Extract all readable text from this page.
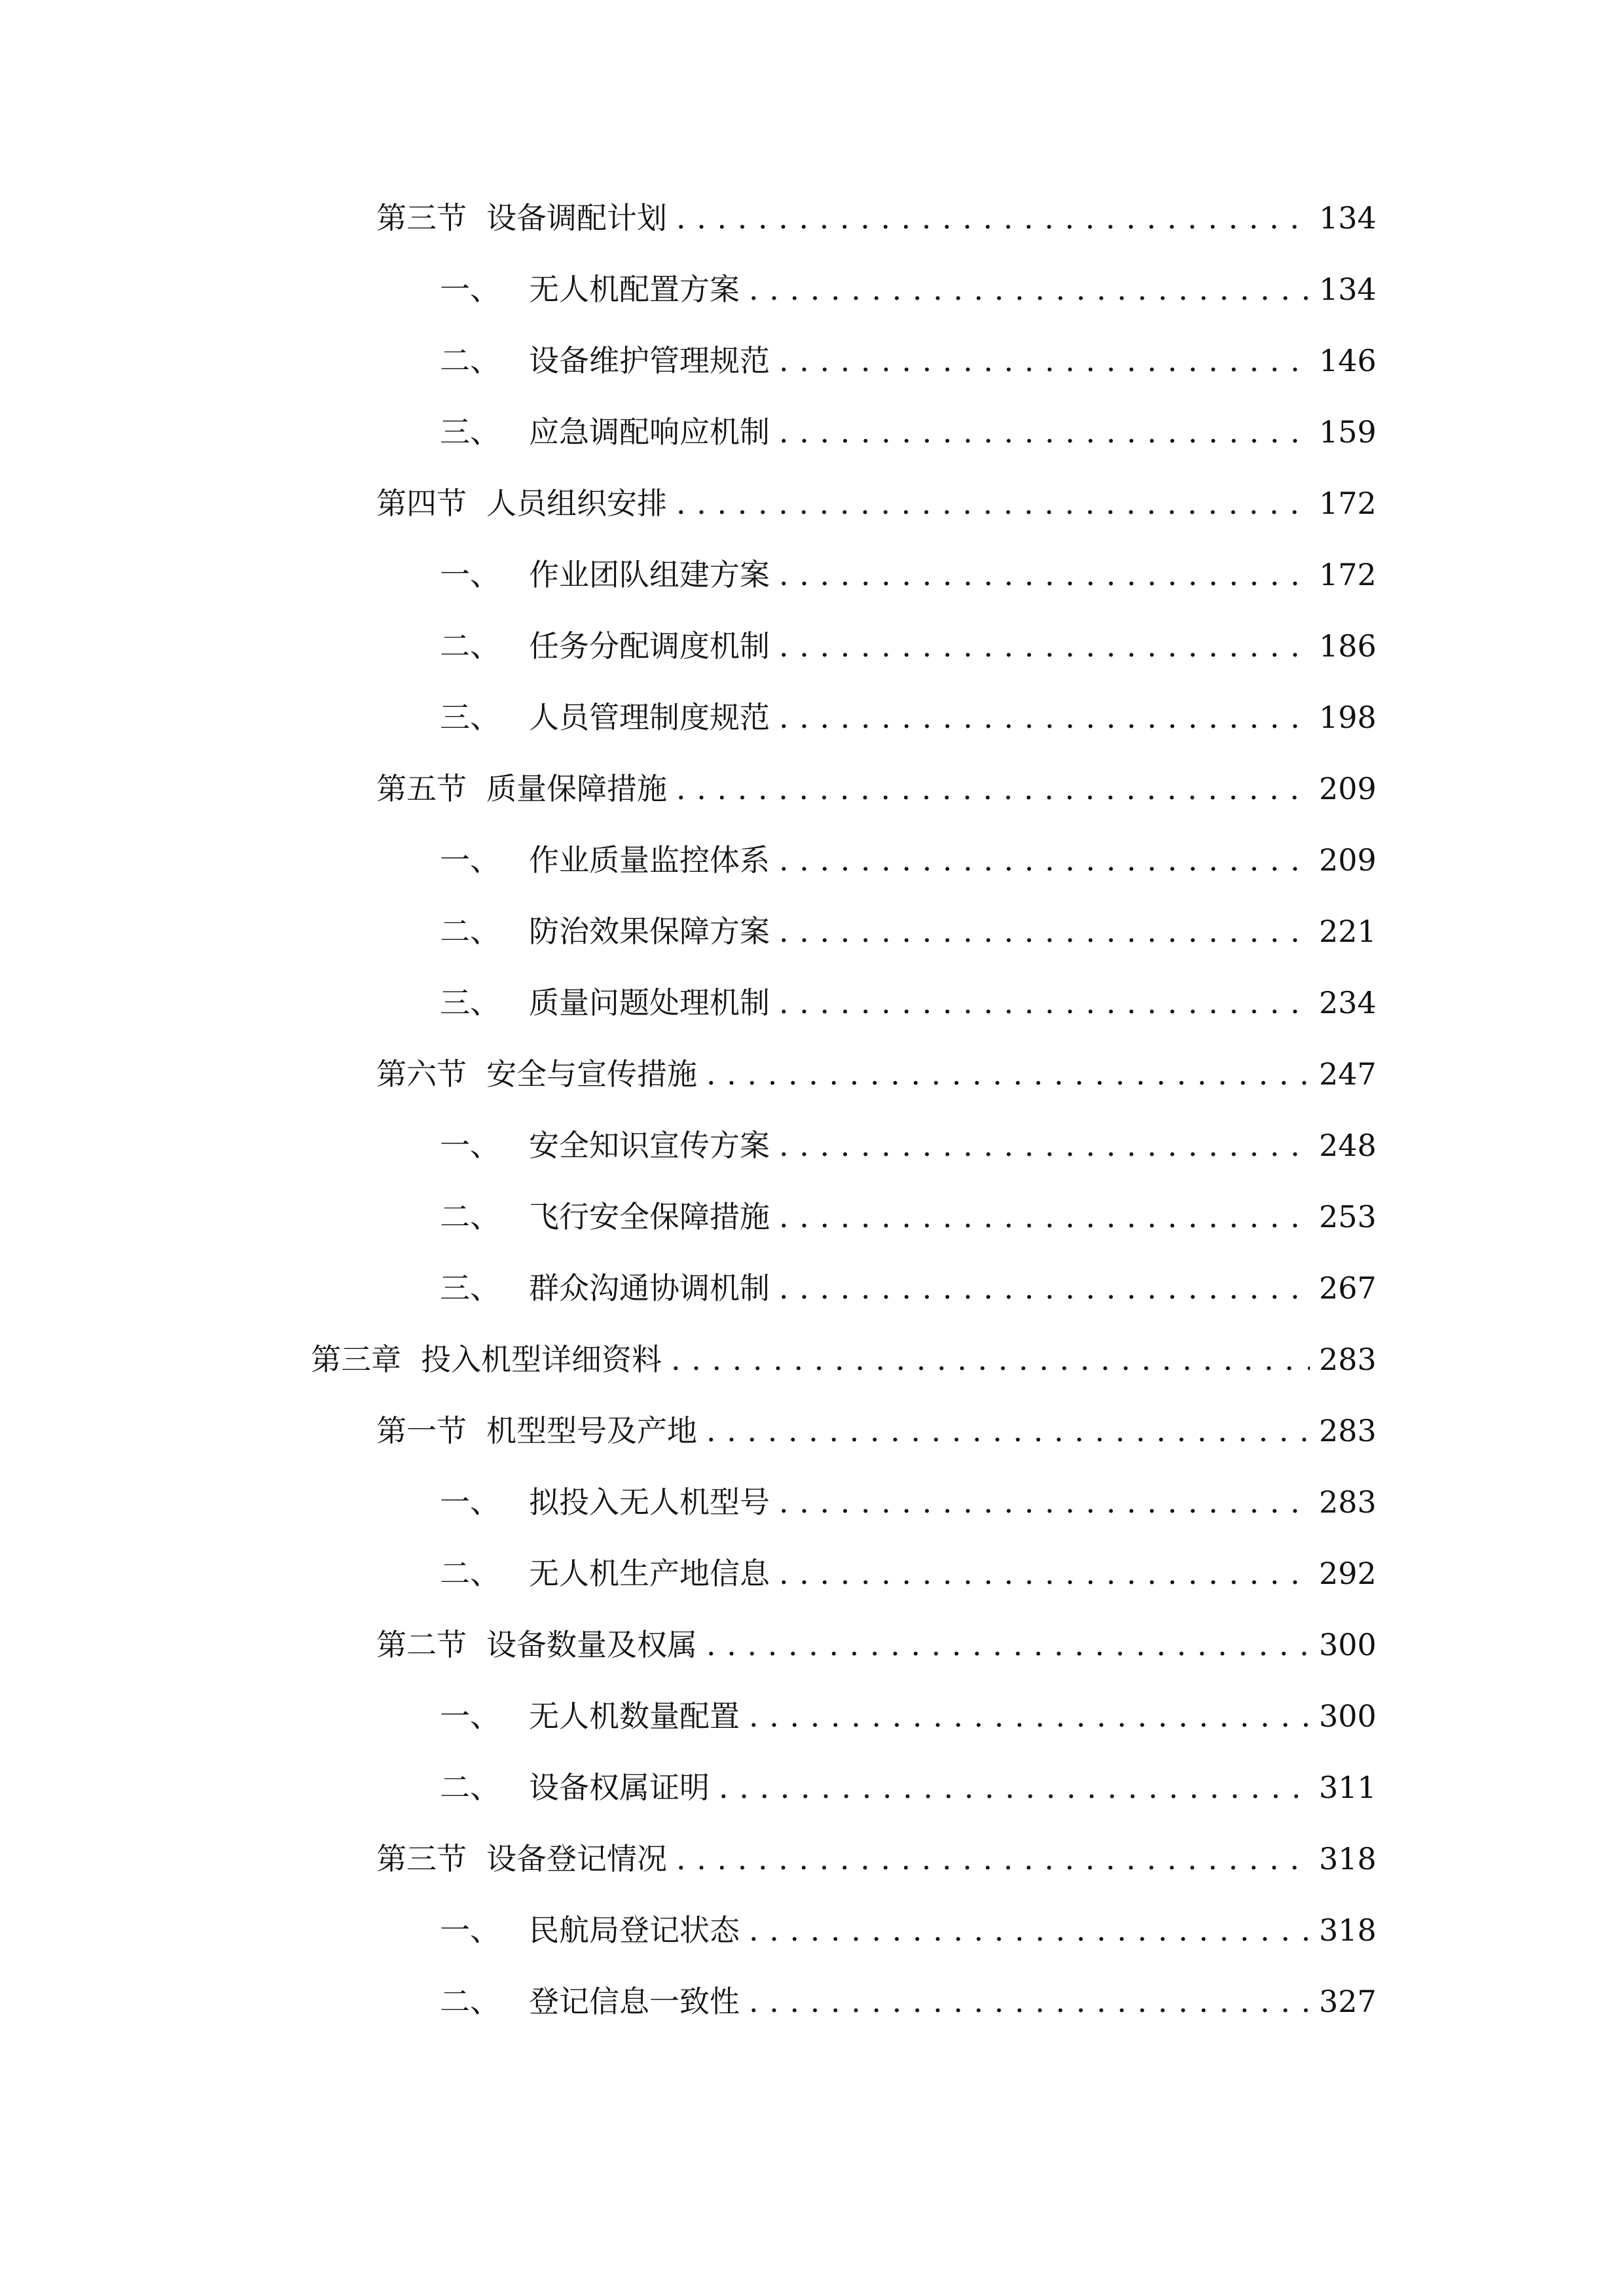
第三节 设备调配计划 . . .	134
一、 无人机配置方案 . . .	134
二、 设备维护管理规范 . . .	146
三、 应急调配响应机制 . . .	159
第四节 人员组织安排 . . .	172
一、 作业团队组建方案 . . .	172
二、 任务分配调度机制 . . .	186
三、 人员管理制度规范 . . .	198
第五节 质量保障措施 . . .	209
一、 作业质量监控体系 . . .	209
二、 防治效果保障方案 . . .	221
三、 质量问题处理机制 . . .	234
第六节 安全与宣传措施 . . .	247
一、 安全知识宣传方案 . . .	248
二、 飞行安全保障措施 . . .	253
三、 群众沟通协调机制 . . .	267
第三章 投入机型详细资料 . . .	283
第一节 机型型号及产地 . . .	283
一、 拟投入无人机型号 . . .	283
二、 无人机生产地信息 . . .	292
第二节 设备数量及权属 . . .	300
一、 无人机数量配置 . . .	300
二、 设备权属证明 . . .	311
第三节 设备登记情况 . . .	318
一、 民航局登记状态 . . .	318
二、 登记信息一致性 . . .	327
